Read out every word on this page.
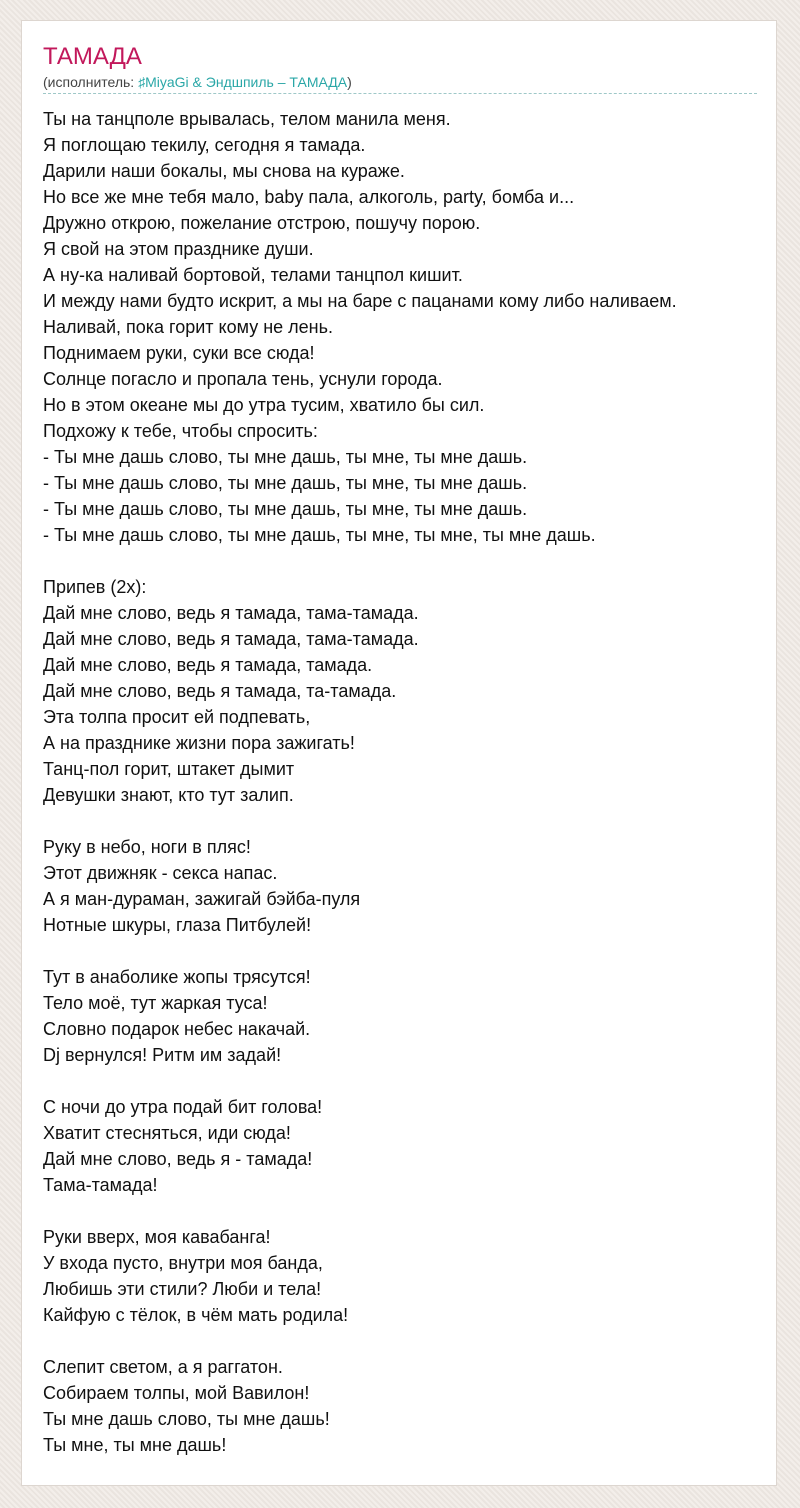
ТАМАДА
(исполнитель: ♯MiyaGi & Эндшпиль – ТАМАДА)
Ты на танцполе врывалась, телом манила меня.
Я поглощаю текилу, сегодня я тамада.
Дарили наши бокалы, мы снова на кураже.
Но все же мне тебя мало, baby пала, алкоголь, party, бомба и...
Дружно открою, пожелание отстрою, пошучу порою.
Я свой на этом празднике души.
А ну-ка наливай бортовой, телами танцпол кишит.
И между нами будто искрит, а мы на баре с пацанами кому либо наливаем.
Наливай, пока горит кому не лень.
Поднимаем руки, суки все сюда!
Солнце погасло и пропала тень, уснули города.
Но в этом океане мы до утра тусим, хватило бы сил.
Подхожу к тебе, чтобы спросить:
- Ты мне дашь слово, ты мне дашь, ты мне, ты мне дашь.
- Ты мне дашь слово, ты мне дашь, ты мне, ты мне дашь.
- Ты мне дашь слово, ты мне дашь, ты мне, ты мне дашь.
- Ты мне дашь слово, ты мне дашь, ты мне, ты мне, ты мне дашь.
Припев (2х):
Дай мне слово, ведь я тамада, тама-тамада.
Дай мне слово, ведь я тамада, тама-тамада.
Дай мне слово, ведь я тамада, тамада.
Дай мне слово, ведь я тамада, та-тамада.
Эта толпа просит ей подпевать,
А на празднике жизни пора зажигать!
Танц-пол горит, штакет дымит
Девушки знают, кто тут залип.
Руку в небо, ноги в пляс!
Этот движняк - секса напас.
А я ман-дураман, зажигай бэйба-пуля
Нотные шкуры, глаза Питбулей!
Тут в анаболике жопы трясутся!
Тело моё, тут жаркая туса!
Словно подарок небес накачай.
Dj вернулся! Ритм им задай!
С ночи до утра подай бит голова!
Хватит стесняться, иди сюда!
Дай мне слово, ведь я - тамада!
Тама-тамада!
Руки вверх, моя кавабанга!
У входа пусто, внутри моя банда,
Любишь эти стили? Люби и тела!
Кайфую с тёлок, в чём мать родила!
Слепит светом, а я раггатон.
Собираем толпы, мой Вавилон!
Ты мне дашь слово, ты мне дашь!
Ты мне, ты мне дашь!
